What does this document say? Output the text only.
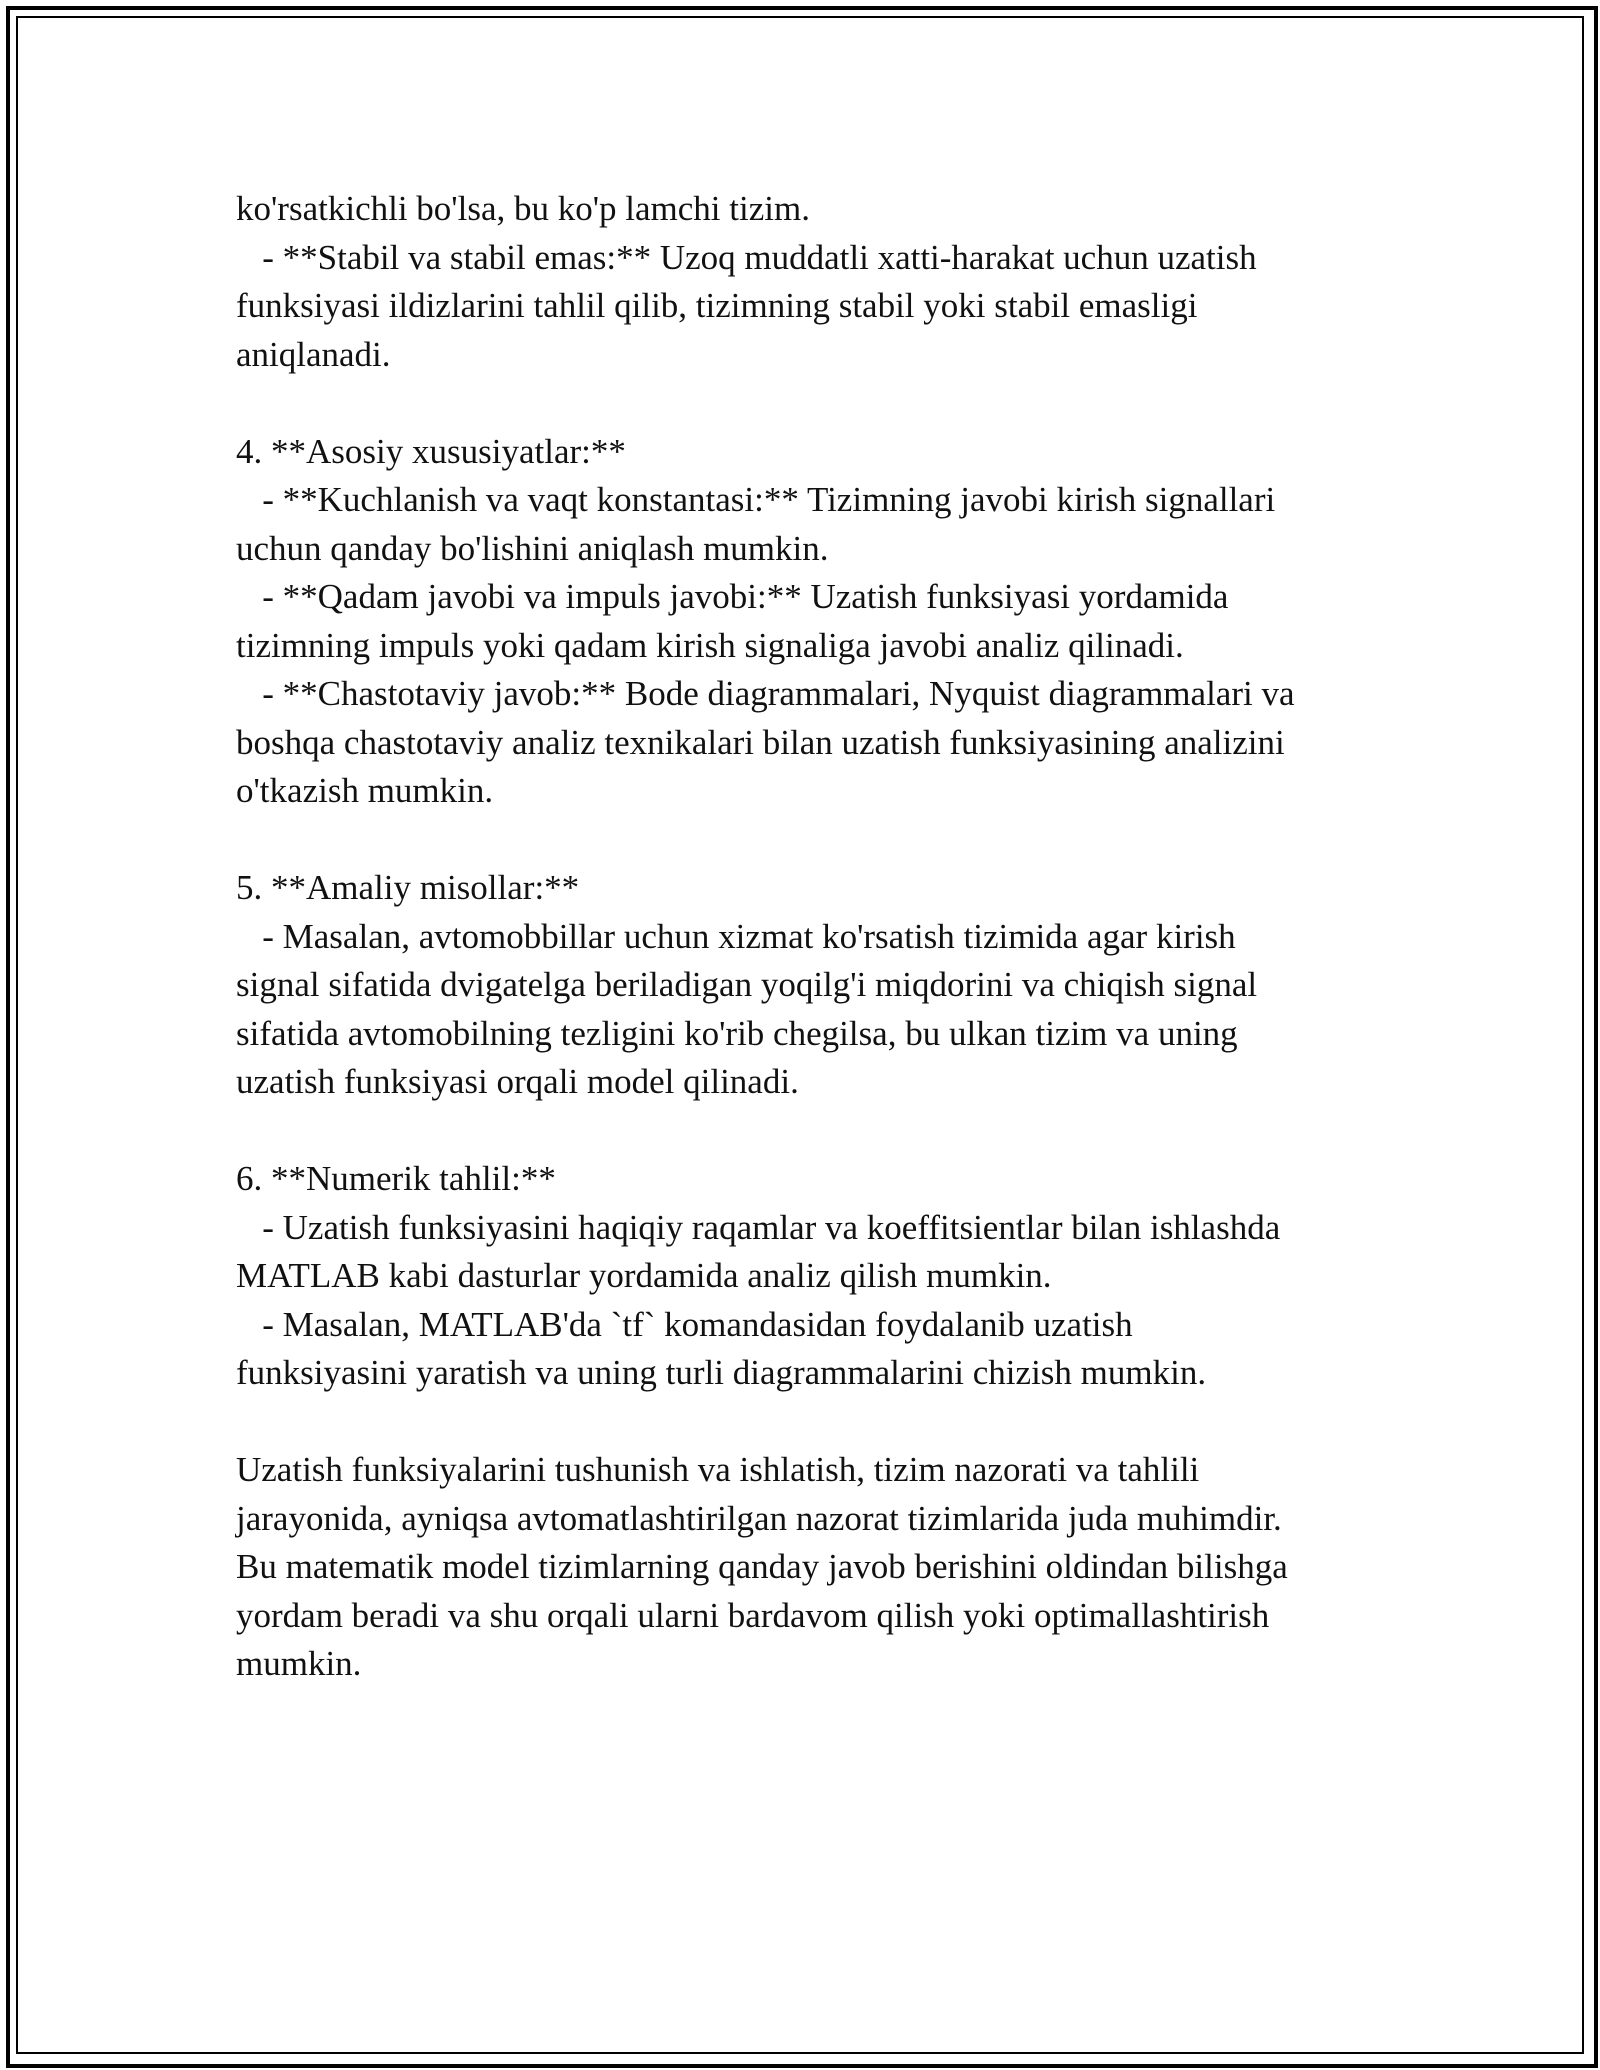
ko'rsatkichli bo'lsa, bu ko'p lamchi tizim.
- **Stabil va stabil emas:** Uzoq muddatli xatti-harakat uchun uzatish
funksiyasi ildizlarini tahlil qilib, tizimning stabil yoki stabil emasligi
aniqlanadi.
4. **Asosiy xususiyatlar:**
- **Kuchlanish va vaqt konstantasi:** Tizimning javobi kirish signallari
uchun qanday bo'lishini aniqlash mumkin.
- **Qadam javobi va impuls javobi:** Uzatish funksiyasi yordamida
tizimning impuls yoki qadam kirish signaliga javobi analiz qilinadi.
- **Chastotaviy javob:** Bode diagrammalari, Nyquist diagrammalari va
boshqa chastotaviy analiz texnikalari bilan uzatish funksiyasining analizini
o'tkazish mumkin.
5. **Amaliy misollar:**
- Masalan, avtomobbillar uchun xizmat ko'rsatish tizimida agar kirish
signal sifatida dvigatelga beriladigan yoqilg'i miqdorini va chiqish signal
sifatida avtomobilning tezligini ko'rib chegilsa, bu ulkan tizim va uning
uzatish funksiyasi orqali model qilinadi.
6. **Numerik tahlil:**
- Uzatish funksiyasini haqiqiy raqamlar va koeffitsientlar bilan ishlashda
MATLAB kabi dasturlar yordamida analiz qilish mumkin.
- Masalan, MATLAB'da `tf` komandasidan foydalanib uzatish
funksiyasini yaratish va uning turli diagrammalarini chizish mumkin.
Uzatish funksiyalarini tushunish va ishlatish, tizim nazorati va tahlili
jarayonida, ayniqsa avtomatlashtirilgan nazorat tizimlarida juda muhimdir.
Bu matematik model tizimlarning qanday javob berishini oldindan bilishga
yordam beradi va shu orqali ularni bardavom qilish yoki optimallashtirish
mumkin.
